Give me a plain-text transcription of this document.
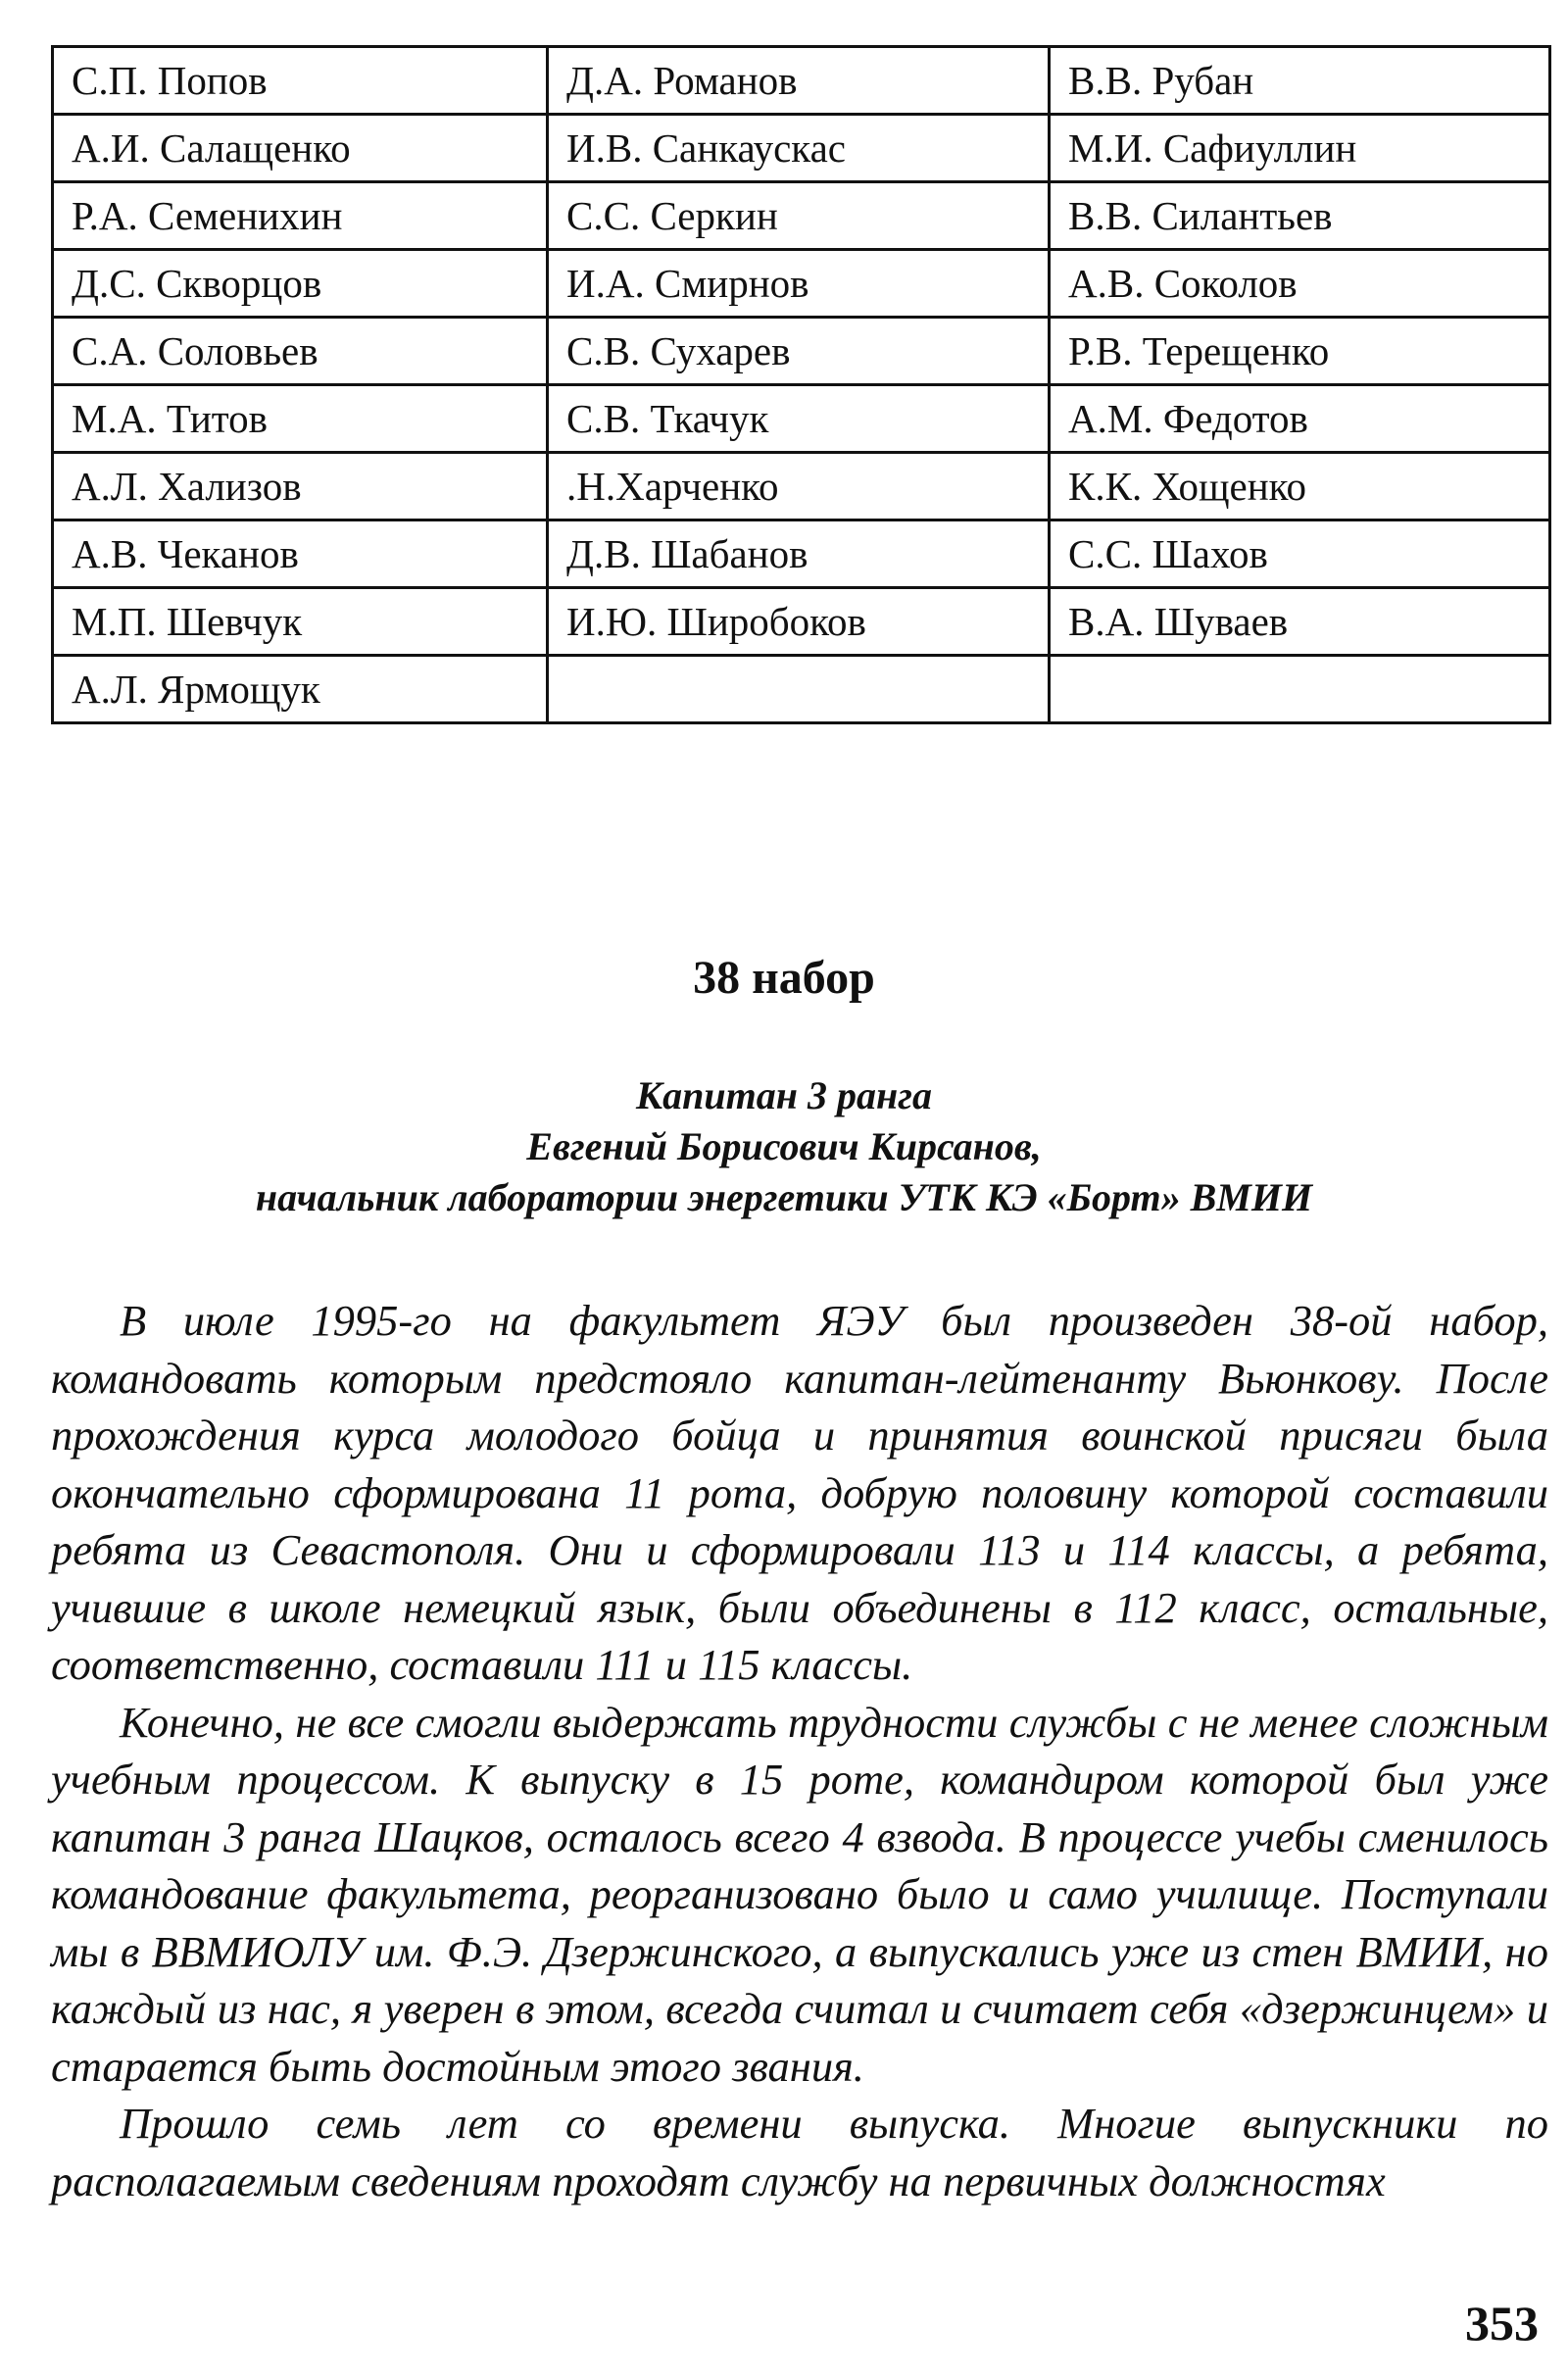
С.П. Попов	Д.А. Романов	В.В. Рубан
А.И. Салащенко	И.В. Санкаускас	М.И. Сафиуллин
Р.А. Семенихин	С.С. Серкин	В.В. Силантьев
Д.С. Скворцов	И.А. Смирнов	А.В. Соколов
С.А. Соловьев	С.В. Сухарев	Р.В. Терещенко
М.А. Титов	С.В. Ткачук	А.М. Федотов
А.Л. Хализов	.Н.Харченко	К.К. Хощенко
А.В. Чеканов	Д.В. Шабанов	С.С. Шахов
М.П. Шевчук	И.Ю. Широбоков	В.А. Шуваев
А.Л. Ярмощук		
38 набор
Капитан 3 ранга
Евгений Борисович Кирсанов,
начальник лаборатории энергетики УТК КЭ «Борт» ВМИИ

В июле 1995-го на факультет ЯЭУ был произведен 38-ой набор, командовать которым предстояло капитан-лейтенанту Вьюнкову. После прохождения курса молодого бойца и принятия воинской присяги была окончательно сформирована 11 рота, добрую половину которой составили ребята из Севастополя. Они и сформировали 113 и 114 классы, а ребята, учившие в школе немецкий язык, были объединены в 112 класс, остальные, соответственно, составили 111 и 115 классы.

Конечно, не все смогли выдержать трудности службы с не менее сложным учебным процессом. К выпуску в 15 роте, командиром которой был уже капитан 3 ранга Шацков, осталось всего 4 взвода. В процессе учебы сменилось командование факультета, реорганизовано было и само училище. Поступали мы в ВВМИОЛУ им. Ф.Э. Дзержинского, а выпускались уже из стен ВМИИ, но каждый из нас, я уверен в этом, всегда считал и считает себя «дзержинцем» и старается быть достойным этого звания.

Прошло семь лет со времени выпуска. Многие выпускники по располагаемым сведениям проходят службу на первичных должностях

353
